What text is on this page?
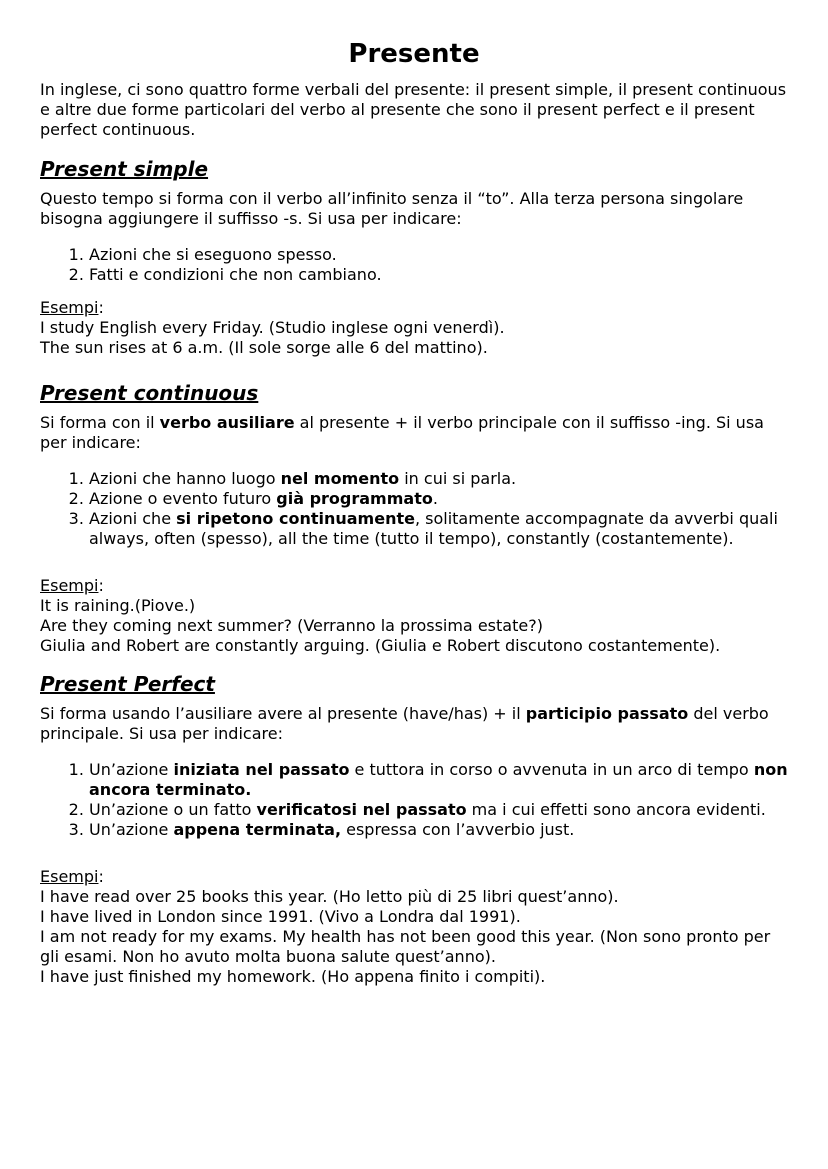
Presente

In inglese, ci sono quattro forme verbali del presente: il present simple, il present continuous e altre due forme particolari del verbo al presente che sono il present perfect e il present perfect continuous.

Present simple

Questo tempo si forma con il verbo all’infinito senza il “to”. Alla terza persona singolare bisogna aggiungere il suffisso -s. Si usa per indicare:

1. Azioni che si eseguono spesso.
2. Fatti e condizioni che non cambiano.
Esempi:
I study English every Friday. (Studio inglese ogni venerdì).
The sun rises at 6 a.m. (Il sole sorge alle 6 del mattino).
Present continuous

Si forma con il verbo ausiliare al presente + il verbo principale con il suffisso -ing. Si usa per indicare:

1. Azioni che hanno luogo nel momento in cui si parla.
2. Azione o evento futuro già programmato.
3. Azioni che si ripetono continuamente, solitamente accompagnate da avverbi quali always, often (spesso), all the time (tutto il tempo), constantly (costantemente).
Esempi:
It is raining.(Piove.)
Are they coming next summer? (Verranno la prossima estate?)
Giulia and Robert are constantly arguing. (Giulia e Robert discutono costantemente).
Present Perfect

Si forma usando l’ausiliare avere al presente (have/has) + il participio passato del verbo principale. Si usa per indicare:

1. Un’azione iniziata nel passato e tuttora in corso o avvenuta in un arco di tempo non ancora terminato.
2. Un’azione o un fatto verificatosi nel passato ma i cui effetti sono ancora evidenti.
3. Un’azione appena terminata, espressa con l’avverbio just.
Esempi:
I have read over 25 books this year. (Ho letto più di 25 libri quest’anno).
I have lived in London since 1991. (Vivo a Londra dal 1991).
I am not ready for my exams. My health has not been good this year. (Non sono pronto per gli esami. Non ho avuto molta buona salute quest’anno).
I have just finished my homework. (Ho appena finito i compiti).
